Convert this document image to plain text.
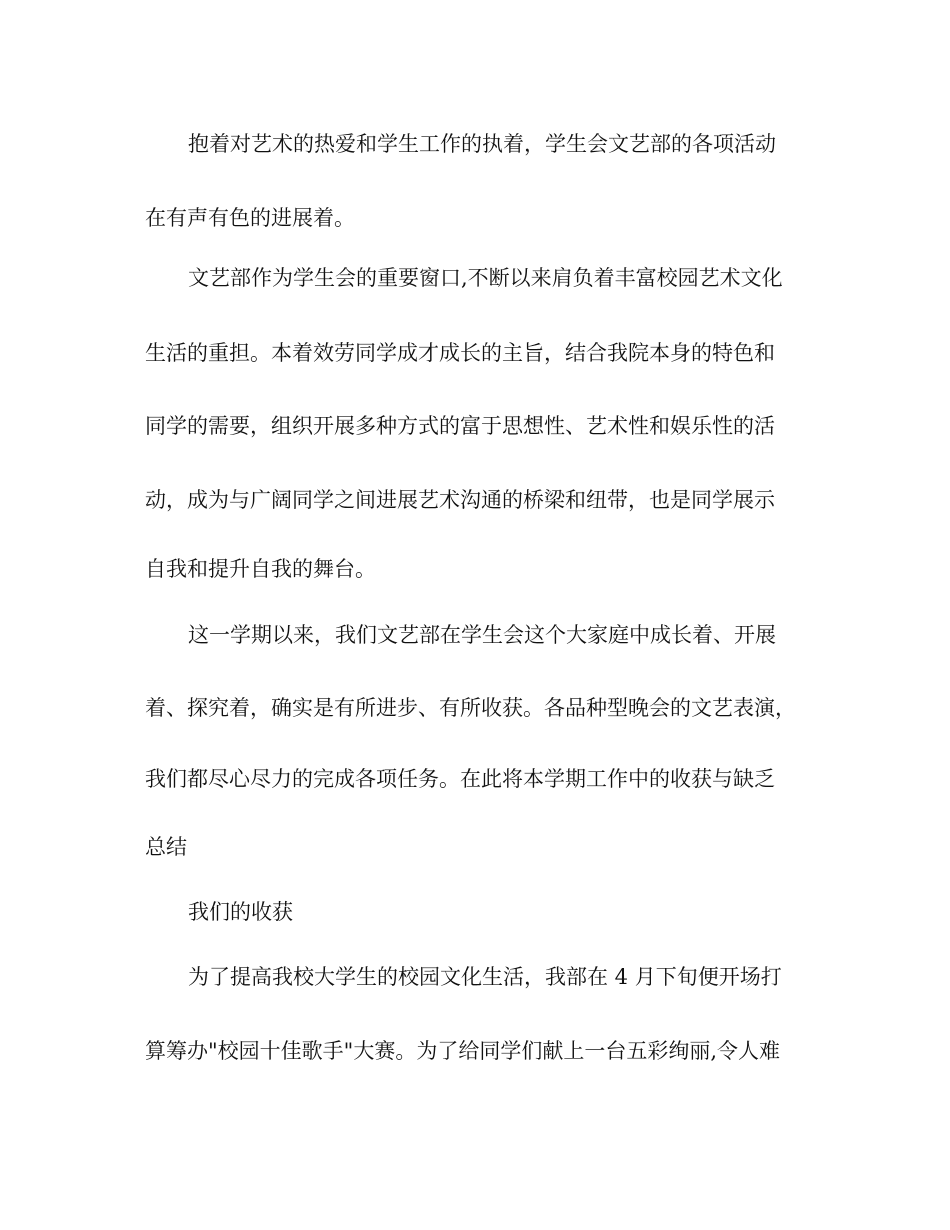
抱着对艺术的热爱和学生工作的执着，学生会文艺部的各项活动
在有声有色的进展着。
文艺部作为学生会的重要窗口,不断以来肩负着丰富校园艺术文化
生活的重担。本着效劳同学成才成长的主旨，结合我院本身的特色和
同学的需要，组织开展多种方式的富于思想性、艺术性和娱乐性的活
动，成为与广阔同学之间进展艺术沟通的桥梁和纽带，也是同学展示
自我和提升自我的舞台。
这一学期以来，我们文艺部在学生会这个大家庭中成长着、开展
着、探究着，确实是有所进步、有所收获。各品种型晚会的文艺表演，
我们都尽心尽力的完成各项任务。在此将本学期工作中的收获与缺乏
总结
我们的收获
为了提高我校大学生的校园文化生活，我部在 4 月下旬便开场打
算筹办"校园十佳歌手"大赛。为了给同学们献上一台五彩绚丽,令人难
